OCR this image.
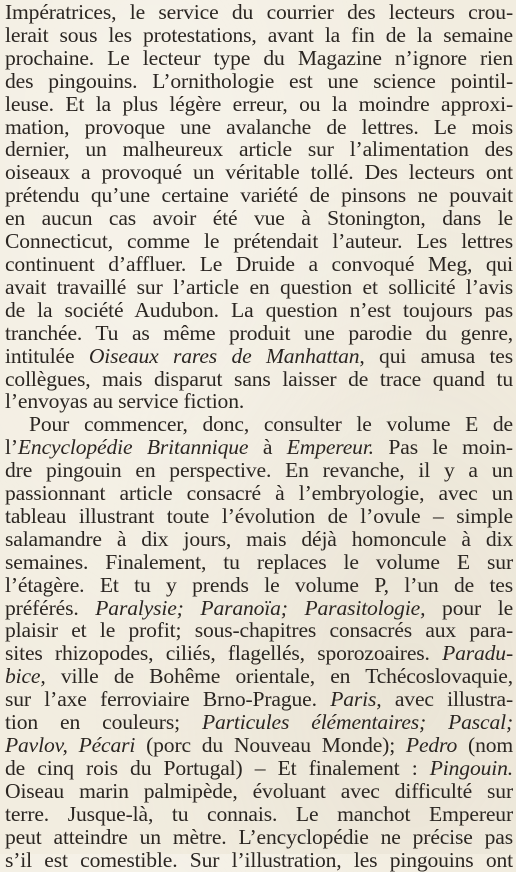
Impératrices, le service du courrier des lecteurs crou-
lerait sous les protestations, avant la fin de la semaine
prochaine. Le lecteur type du Magazine n’ignore rien
des pingouins. L’ornithologie est une science pointil-
leuse. Et la plus légère erreur, ou la moindre approxi-
mation, provoque une avalanche de lettres. Le mois
dernier, un malheureux article sur l’alimentation des
oiseaux a provoqué un véritable tollé. Des lecteurs ont
prétendu qu’une certaine variété de pinsons ne pouvait
en aucun cas avoir été vue à Stonington, dans le
Connecticut, comme le prétendait l’auteur. Les lettres
continuent d’affluer. Le Druide a convoqué Meg, qui
avait travaillé sur l’article en question et sollicité l’avis
de la société Audubon. La question n’est toujours pas
tranchée. Tu as même produit une parodie du genre,
intitulée Oiseaux rares de Manhattan, qui amusa tes
collègues, mais disparut sans laisser de trace quand tu
l’envoyas au service fiction.

Pour commencer, donc, consulter le volume E de
l’Encyclopédie Britannique à Empereur. Pas le moin-
dre pingouin en perspective. En revanche, il y a un
passionnant article consacré à l’embryologie, avec un
tableau illustrant toute l’évolution de l’ovule – simple
salamandre à dix jours, mais déjà homoncule à dix
semaines. Finalement, tu replaces le volume E sur
l’étagère. Et tu y prends le volume P, l’un de tes
préférés. Paralysie; Paranoïa; Parasitologie, pour le
plaisir et le profit; sous-chapitres consacrés aux para-
sites rhizopodes, ciliés, flagellés, sporozoaires. Paradu-
bice, ville de Bohême orientale, en Tchécoslovaquie,
sur l’axe ferroviaire Brno-Prague. Paris, avec illustra-
tion en couleurs; Particules élémentaires; Pascal;
Pavlov, Pécari (porc du Nouveau Monde); Pedro (nom
de cinq rois du Portugal) – Et finalement : Pingouin.
Oiseau marin palmipède, évoluant avec difficulté sur
terre. Jusque-là, tu connais. Le manchot Empereur
peut atteindre un mètre. L’encyclopédie ne précise pas
s’il est comestible. Sur l’illustration, les pingouins ont
